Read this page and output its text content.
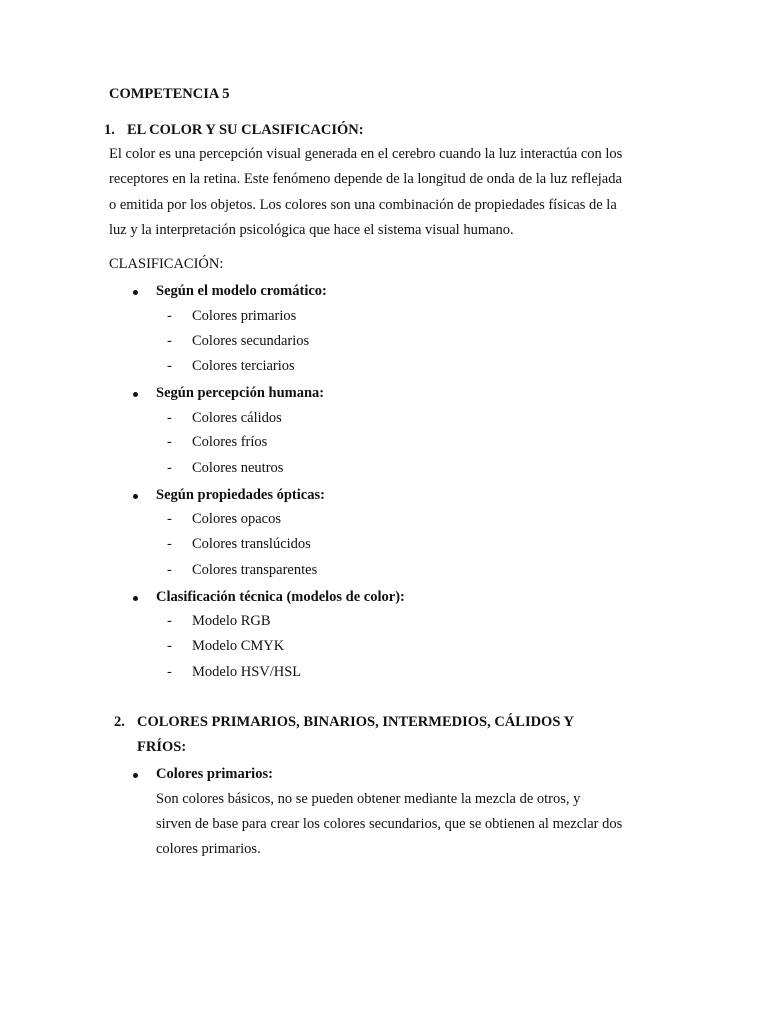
COMPETENCIA 5
1. EL COLOR Y SU CLASIFICACIÓN:
El color es una percepción visual generada en el cerebro cuando la luz interactúa con los
receptores en la retina. Este fenómeno depende de la longitud de onda de la luz reflejada
o emitida por los objetos. Los colores son una combinación de propiedades físicas de la
luz y la interpretación psicológica que hace el sistema visual humano.
CLASIFICACIÓN:
Según el modelo cromático:
- Colores primarios
- Colores secundarios
- Colores terciarios
Según percepción humana:
- Colores cálidos
- Colores fríos
- Colores neutros
Según propiedades ópticas:
- Colores opacos
- Colores translúcidos
- Colores transparentes
Clasificación técnica (modelos de color):
- Modelo RGB
- Modelo CMYK
- Modelo HSV/HSL
2. COLORES PRIMARIOS, BINARIOS, INTERMEDIOS, CÁLIDOS Y
FRÍOS:
Colores primarios:
Son colores básicos, no se pueden obtener mediante la mezcla de otros, y
sirven de base para crear los colores secundarios, que se obtienen al mezclar dos
colores primarios.
